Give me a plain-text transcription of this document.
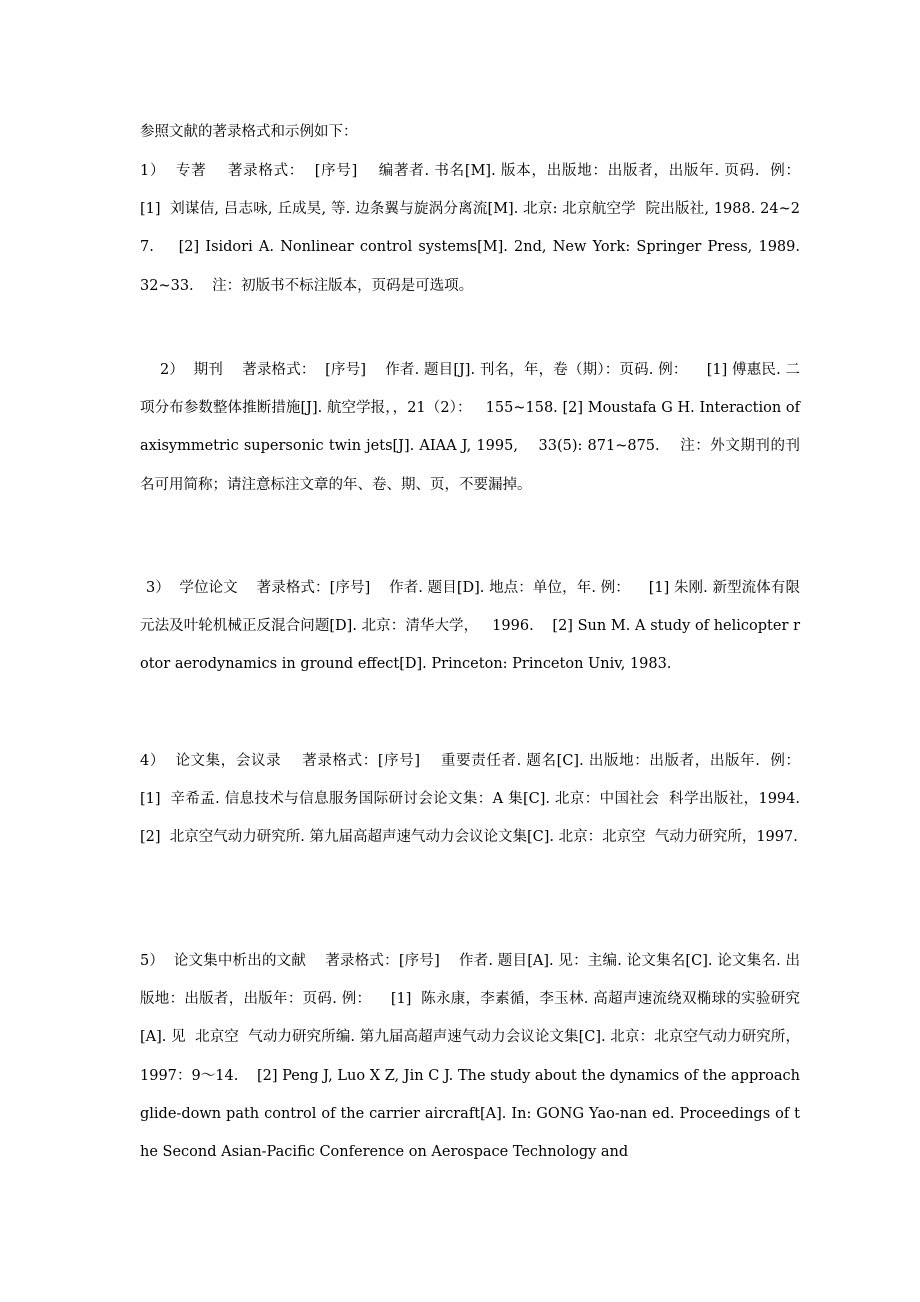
参照文献的著录格式和示例如下：
1）  专著    著录格式：  [序号]    编著者. 书名[M]. 版本，出版地：出版者，出版年. 页码.  例：    [1]  刘谋佶, 吕志咏, 丘成昊, 等. 边条翼与旋涡分离流[M]. 北京: 北京航空学  院出版社, 1988. 24~27.    [2] Isidori A. Nonlinear control systems[M]. 2nd, New York: Springer Press, 1989.    32~33.    注：初版书不标注版本，页码是可选项。
2）  期刊    著录格式：  [序号]    作者. 题目[J]. 刊名，年，卷（期）：页码. 例：    [1] 傅惠民. 二项分布参数整体推断措施[J]. 航空学报，，21（2）：   155~158. [2] Moustafa G H. Interaction of axisymmetric supersonic twin jets[J]. AIAA J, 1995,    33(5): 871~875.    注：外文期刊的刊名可用简称；请注意标注文章的年、卷、期、页，不要漏掉。
3）  学位论文    著录格式：[序号]    作者. 题目[D]. 地点：单位，年. 例：    [1] 朱刚. 新型流体有限元法及叶轮机械正反混合问题[D]. 北京：清华大学，   1996.    [2] Sun M. A study of helicopter rotor aerodynamics in ground effect[D]. Princeton: Princeton Univ, 1983.
4）  论文集，会议录    著录格式：[序号]    重要责任者. 题名[C]. 出版地：出版者，出版年.  例：    [1]  辛希孟. 信息技术与信息服务国际研讨会论文集：A 集[C]. 北京：中国社会  科学出版社，1994.    [2]  北京空气动力研究所. 第九届高超声速气动力会议论文集[C]. 北京：北京空  气动力研究所，1997.
5）  论文集中析出的文献    著录格式：[序号]    作者. 题目[A]. 见：主编. 论文集名[C]. 论文集名. 出版地：出版者，出版年：页码. 例：    [1]  陈永康，李素循，李玉林. 高超声速流绕双椭球的实验研究[A]. 见  北京空  气动力研究所编. 第九届高超声速气动力会议论文集[C]. 北京：北京空气动力研究所，1997：9～14.    [2] Peng J, Luo X Z, Jin C J. The study about the dynamics of the approach    glide-down path control of the carrier aircraft[A]. In: GONG Yao-nan ed. Proceedings of the Second Asian-Pacific Conference on Aerospace Technology and
